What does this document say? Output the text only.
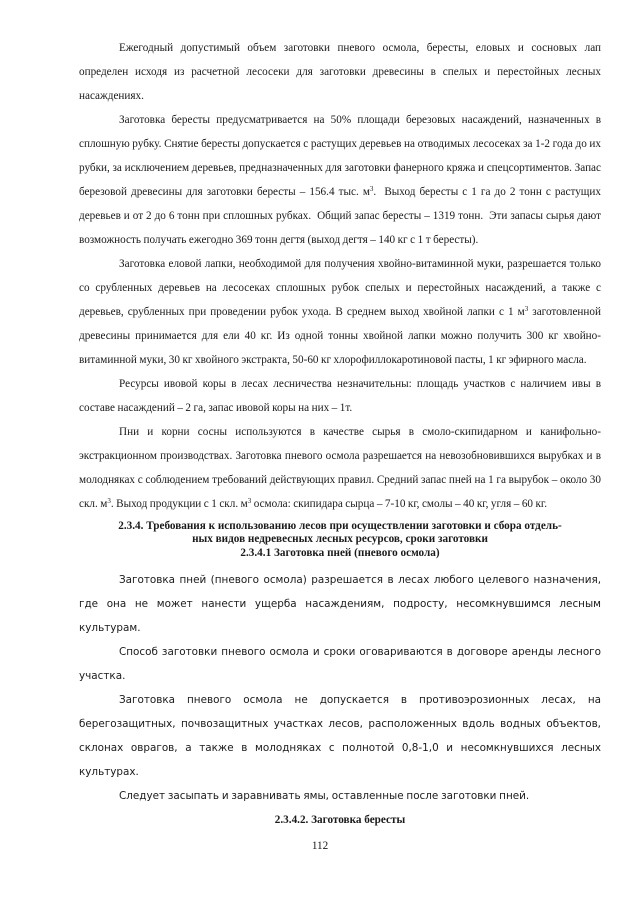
Ежегодный допустимый объем заготовки пневого осмола, бересты, еловых и сосновых лап определен исходя из расчетной лесосеки для заготовки древесины в спелых и перестойных лесных насаждениях.

Заготовка бересты предусматривается на 50% площади березовых насаждений, назначенных в сплошную рубку. Снятие бересты допускается с растущих деревьев на отводимых лесосеках за 1-2 года до их рубки, за исключением деревьев, предназначенных для заготовки фанерного кряжа и спецсортиментов. Запас березовой древесины для заготовки бересты – 156.4 тыс. $м^3$.  Выход бересты с 1 га до 2 тонн с растущих деревьев и от 2 до 6 тонн при сплошных рубках.  Общий запас бересты – 1319 тонн.  Эти запасы сырья дают возможность получать ежегодно 369 тонн дегтя (выход дегтя – 140 кг с 1 т бересты).

Заготовка еловой лапки, необходимой для получения хвойно-витаминной муки, разрешается только со срубленных деревьев на лесосеках сплошных рубок спелых и перестойных насаждений, а также с деревьев, срубленных при проведении рубок ухода. В среднем выход хвойной лапки с 1 $м^3$ заготовленной древесины принимается для ели 40 кг. Из одной тонны хвойной лапки можно получить 300 кг хвойно-витаминной муки, 30 кг хвойного экстракта, 50-60 кг хлорофиллокаротиновой пасты, 1 кг эфирного масла.

Ресурсы ивовой коры в лесах лесничества незначительны: площадь участков с наличием ивы в составе насаждений – 2 га, запас ивовой коры на них – 1т.

Пни и корни сосны используются в качестве сырья в смоло-скипидарном и канифольно-экстракционном производствах. Заготовка пневого осмола разрешается на невозобновившихся вырубках и в молодняках с соблюдением требований действующих правил. Средний запас пней на 1 га вырубок – около 30 скл. $м^3$. Выход продукции с 1 скл. $м^3$ осмола: скипидара сырца – 7-10 кг, смолы – 40 кг, угля – 60 кг.

2.3.4. Требования к использованию лесов при осуществлении заготовки и сбора отдель-
ных видов недревесных лесных ресурсов, сроки заготовки
2.3.4.1 Заготовка пней (пневого осмола)

Заготовка пней (пневого осмола) разрешается в лесах любого целевого назначения, где она не может нанести ущерба насаждениям, подросту, несомкнувшимся лесным культурам.

Способ заготовки пневого осмола и сроки оговариваются в договоре аренды лесного участка.

Заготовка пневого осмола не допускается в противоэрозионных лесах, на берегозащитных, почвозащитных участках лесов, расположенных вдоль водных объектов, склонах оврагов, а также в молодняках с полнотой 0,8-1,0 и несомкнувшихся лесных культурах.

Следует засыпать и заравнивать ямы, оставленные после заготовки пней.

2.3.4.2. Заготовка бересты
112
